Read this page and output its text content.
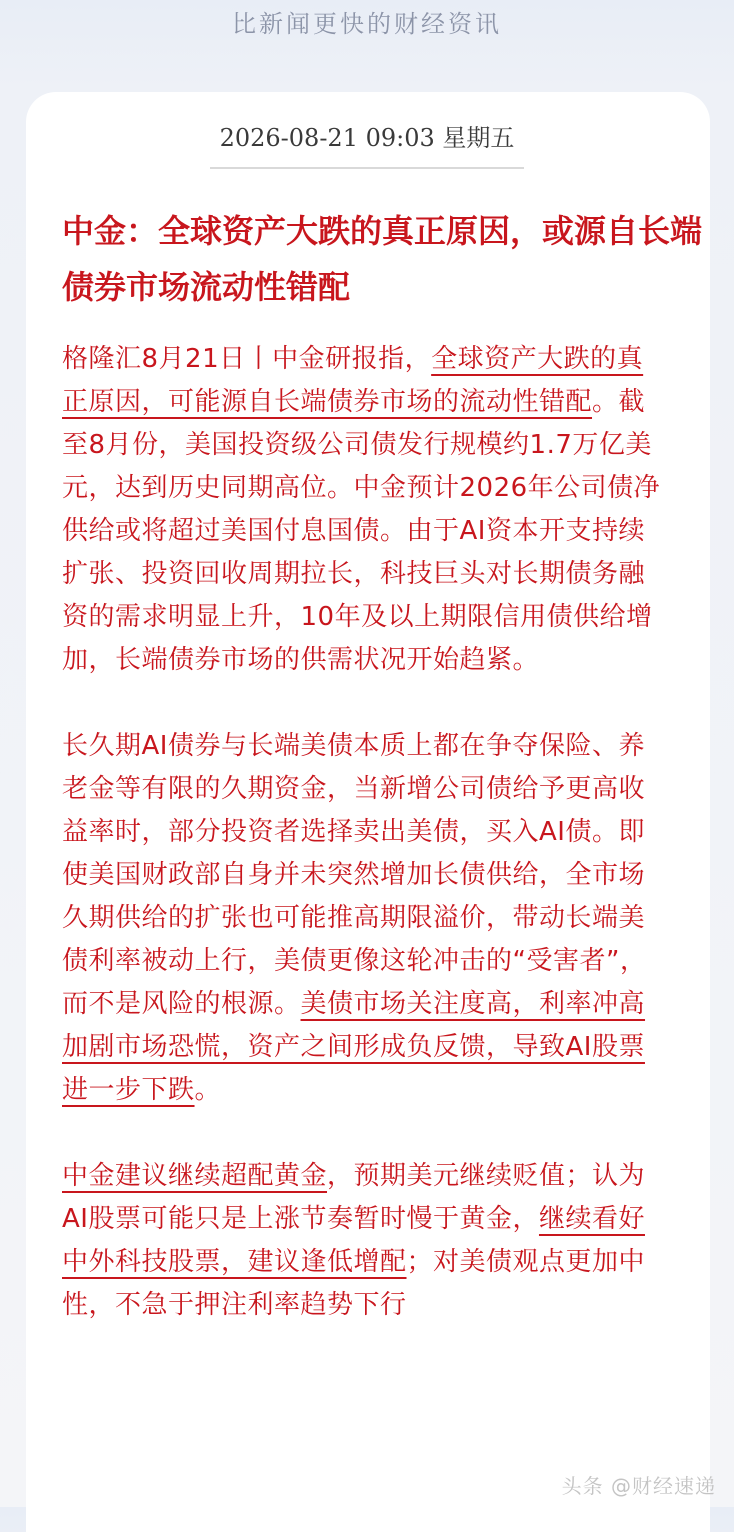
比新闻更快的财经资讯
2026-08-21 09:03 星期五
中金：全球资产大跌的真正原因，或源自长端债券市场流动性错配

格隆汇8月21日丨中金研报指，全球资产大跌的真正原因，可能源自长端债券市场的流动性错配。截至8月份，美国投资级公司债发行规模约1.7万亿美元，达到历史同期高位。中金预计2026年公司债净供给或将超过美国付息国债。由于AI资本开支持续扩张、投资回收周期拉长，科技巨头对长期债务融资的需求明显上升，10年及以上期限信用债供给增加，长端债券市场的供需状况开始趋紧。

长久期AI债券与长端美债本质上都在争夺保险、养老金等有限的久期资金，当新增公司债给予更高收益率时，部分投资者选择卖出美债，买入AI债。即使美国财政部自身并未突然增加长债供给，全市场久期供给的扩张也可能推高期限溢价，带动长端美债利率被动上行，美债更像这轮冲击的“受害者”，而不是风险的根源。美债市场关注度高，利率冲高加剧市场恐慌，资产之间形成负反馈，导致AI股票进一步下跌。

中金建议继续超配黄金，预期美元继续贬值；认为AI股票可能只是上涨节奏暂时慢于黄金，继续看好中外科技股票，建议逢低增配；对美债观点更加中性，不急于押注利率趋势下行

头条 @财经速递
